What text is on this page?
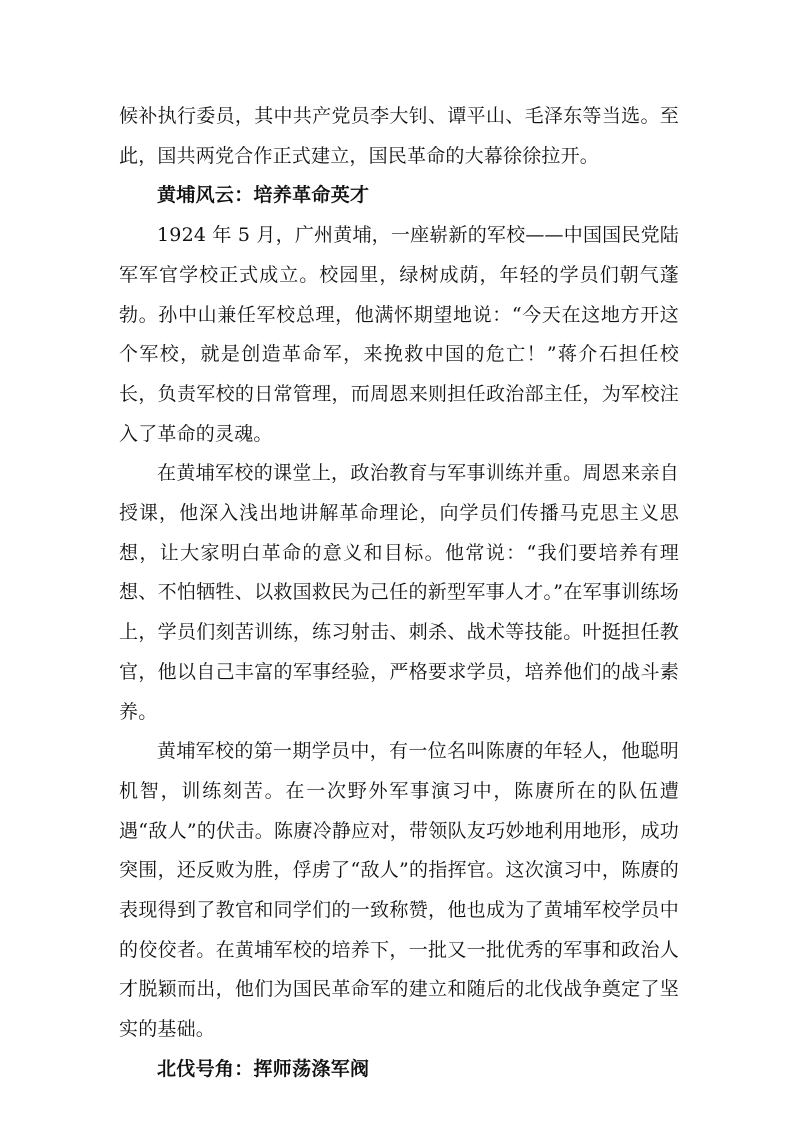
候补执行委员，其中共产党员李大钊、谭平山、毛泽东等当选。至此，国共两党合作正式建立，国民革命的大幕徐徐拉开。

黄埔风云：培养革命英才

1924 年 5 月，广州黄埔，一座崭新的军校——中国国民党陆军军官学校正式成立。校园里，绿树成荫，年轻的学员们朝气蓬勃。孙中山兼任军校总理，他满怀期望地说：“今天在这地方开这个军校，就是创造革命军，来挽救中国的危亡！”蒋介石担任校长，负责军校的日常管理，而周恩来则担任政治部主任，为军校注入了革命的灵魂。

在黄埔军校的课堂上，政治教育与军事训练并重。周恩来亲自授课，他深入浅出地讲解革命理论，向学员们传播马克思主义思想，让大家明白革命的意义和目标。他常说：“我们要培养有理想、不怕牺牲、以救国救民为己任的新型军事人才。”在军事训练场上，学员们刻苦训练，练习射击、刺杀、战术等技能。叶挺担任教官，他以自己丰富的军事经验，严格要求学员，培养他们的战斗素养。

黄埔军校的第一期学员中，有一位名叫陈赓的年轻人，他聪明机智，训练刻苦。在一次野外军事演习中，陈赓所在的队伍遭遇“敌人”的伏击。陈赓冷静应对，带领队友巧妙地利用地形，成功突围，还反败为胜，俘虏了“敌人”的指挥官。这次演习中，陈赓的表现得到了教官和同学们的一致称赞，他也成为了黄埔军校学员中的佼佼者。在黄埔军校的培养下，一批又一批优秀的军事和政治人才脱颖而出，他们为国民革命军的建立和随后的北伐战争奠定了坚实的基础。

北伐号角：挥师荡涤军阀
